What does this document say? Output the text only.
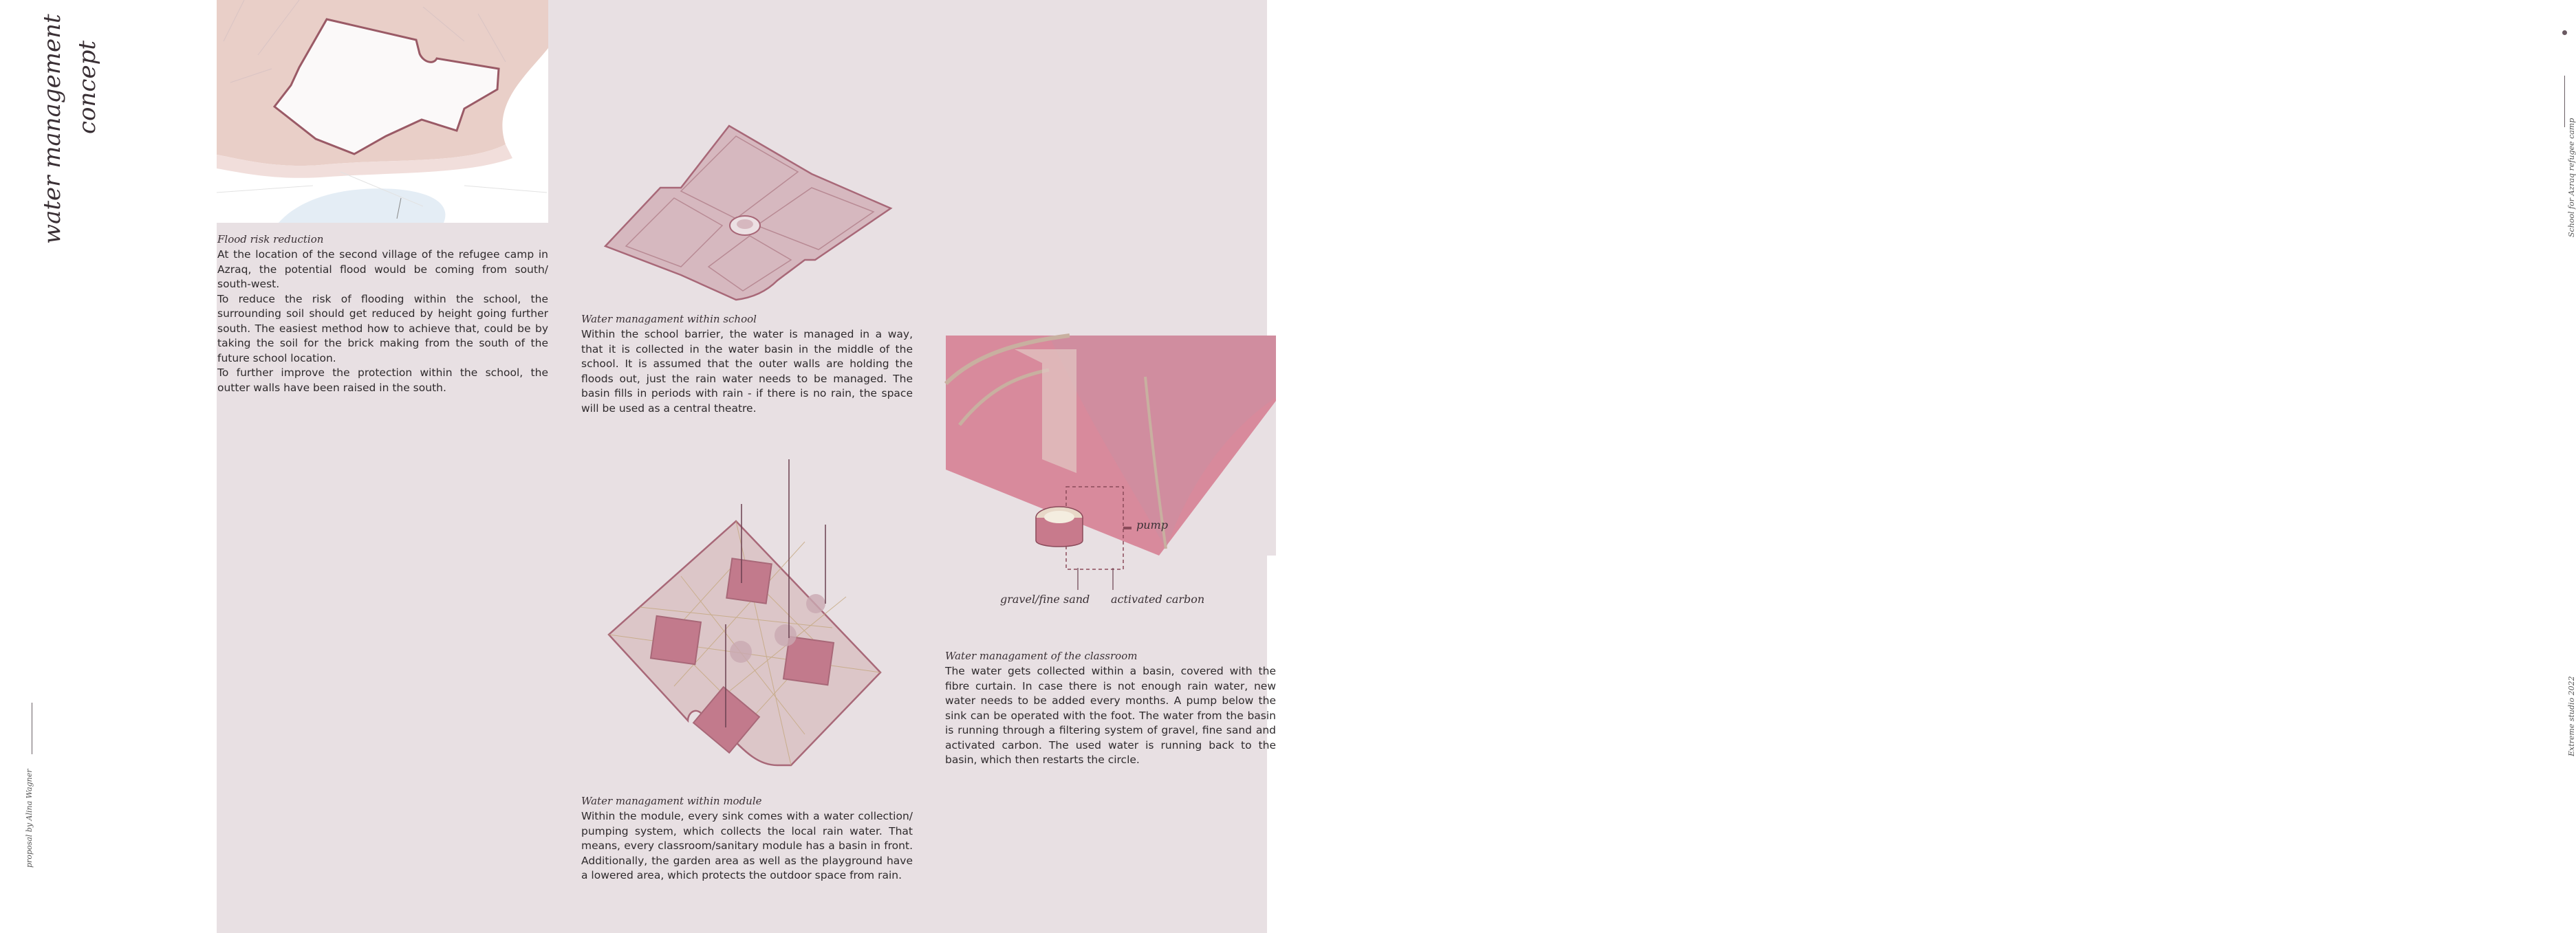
water management concept
proposal by Alina Wagner
School for Azraq refugee camp
Extreme studio 2022
pump
gravel/fine sand activated carbon
Flood risk reduction

At the location of the second village of the refugee camp in Azraq, the potential flood would be coming from south/ south-west.

To reduce the risk of flooding within the school, the surrounding soil should get reduced by height going further south. The easiest method how to achieve that, could be by taking the soil for the brick making from the south of the future school location.

To further improve the protection within the school, the outter walls have been raised in the south.

Water managament within school

Within the school barrier, the water is managed in a way, that it is collected in the water basin in the middle of the school. It is assumed that the outer walls are holding the floods out, just the rain water needs to be managed. The basin fills in periods with rain - if there is no rain, the space will be used as a central theatre.

Water managament within module

Within the module, every sink comes with a water collection/ pumping system, which collects the local rain water. That means, every classroom/sanitary module has a basin in front. Additionally, the garden area as well as the playground have a lowered area, which protects the outdoor space from rain.

Water managament of the classroom

The water gets collected within a basin, covered with the fibre curtain. In case there is not enough rain water, new water needs to be added every months. A pump below the sink can be operated with the foot. The water from the basin is running through a filtering system of gravel, fine sand and activated carbon. The used water is running back to the basin, which then restarts the circle.
